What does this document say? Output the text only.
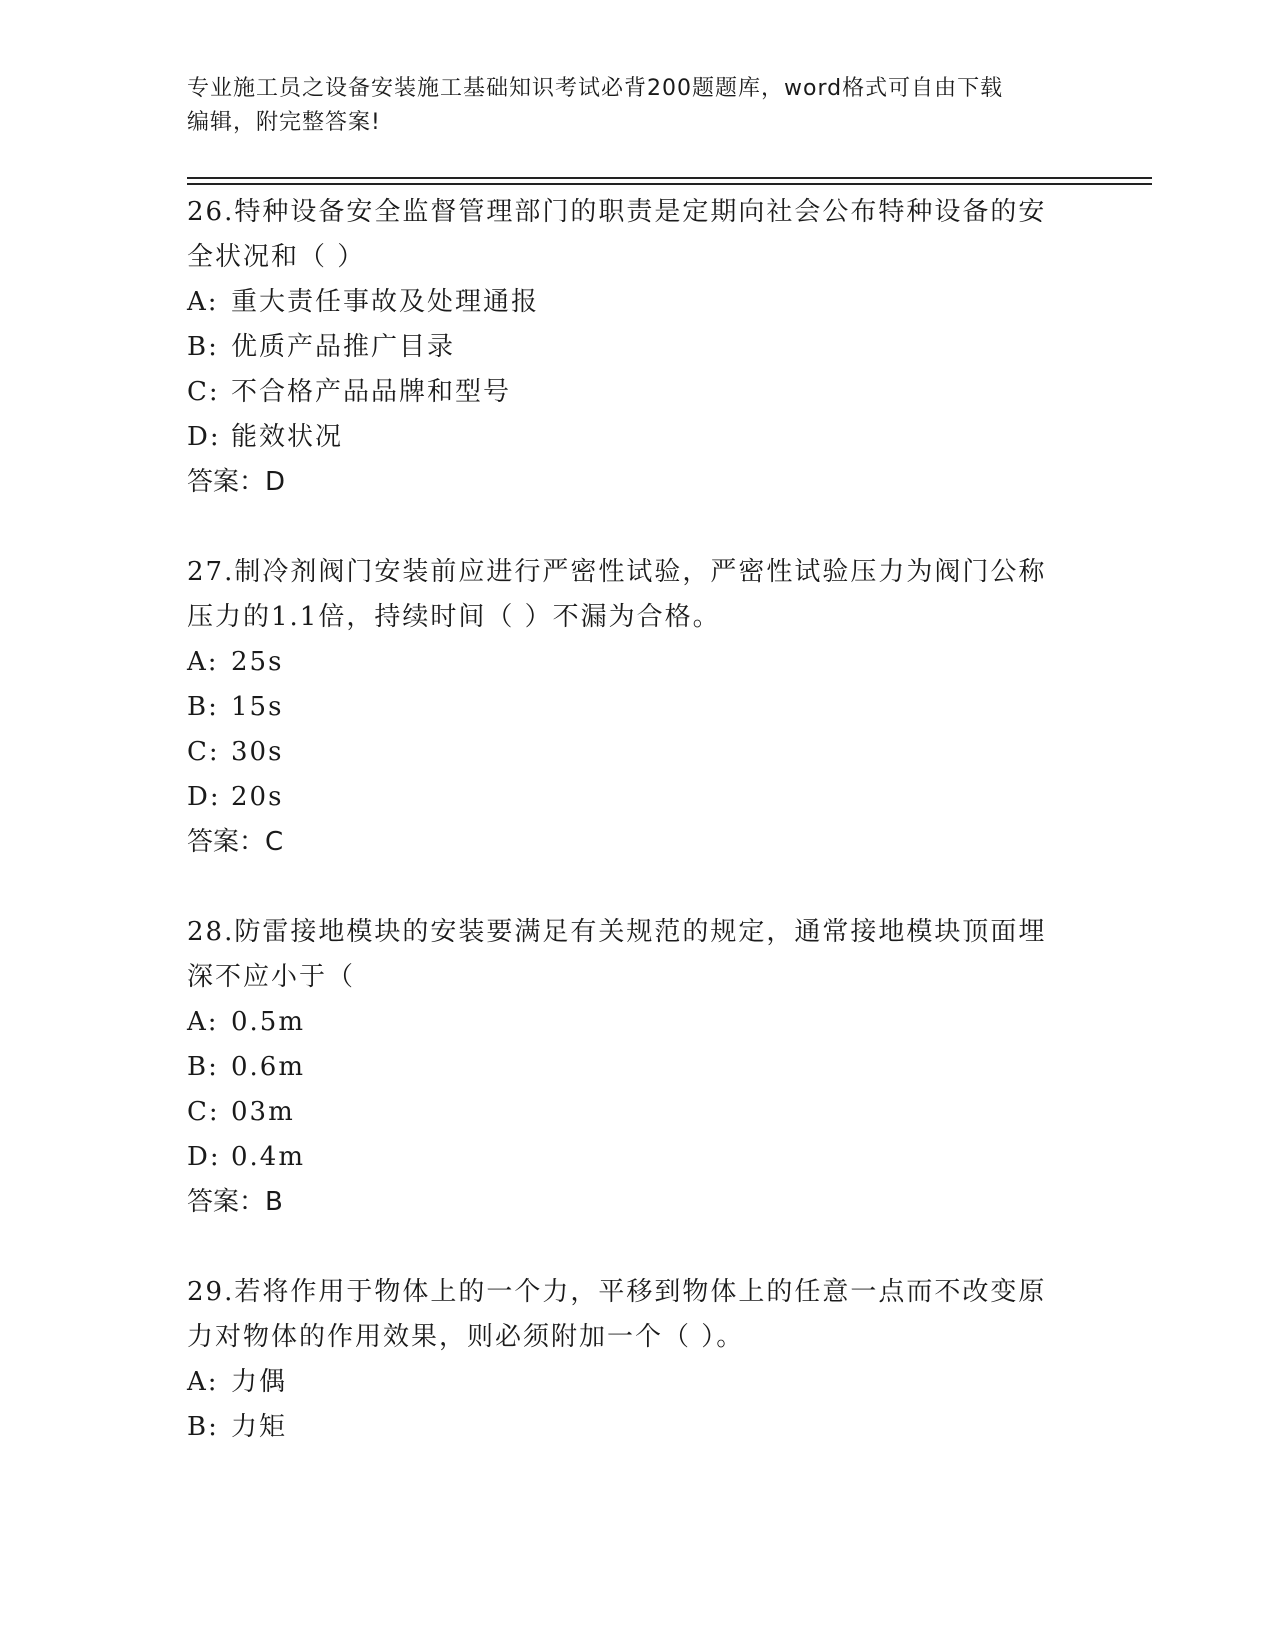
专业施工员之设备安装施工基础知识考试必背200题题库，word格式可自由下载
编辑，附完整答案!

26.特种设备安全监督管理部门的职责是定期向社会公布特种设备的安

全状况和（ ）

A: 重大责任事故及处理通报

B: 优质产品推广目录

C: 不合格产品品牌和型号

D: 能效状况

答案：D

27.制冷剂阀门安装前应进行严密性试验，严密性试验压力为阀门公称

压力的1.1倍，持续时间（ ）不漏为合格。

A: 25s

B: 15s

C: 30s

D: 20s

答案：C

28.防雷接地模块的安装要满足有关规范的规定，通常接地模块顶面埋

深不应小于（

A: 0.5m

B: 0.6m

C: 03m

D: 0.4m

答案：B

29.若将作用于物体上的一个力，平移到物体上的任意一点而不改变原

力对物体的作用效果，则必须附加一个（ ）。

A: 力偶

B: 力矩
